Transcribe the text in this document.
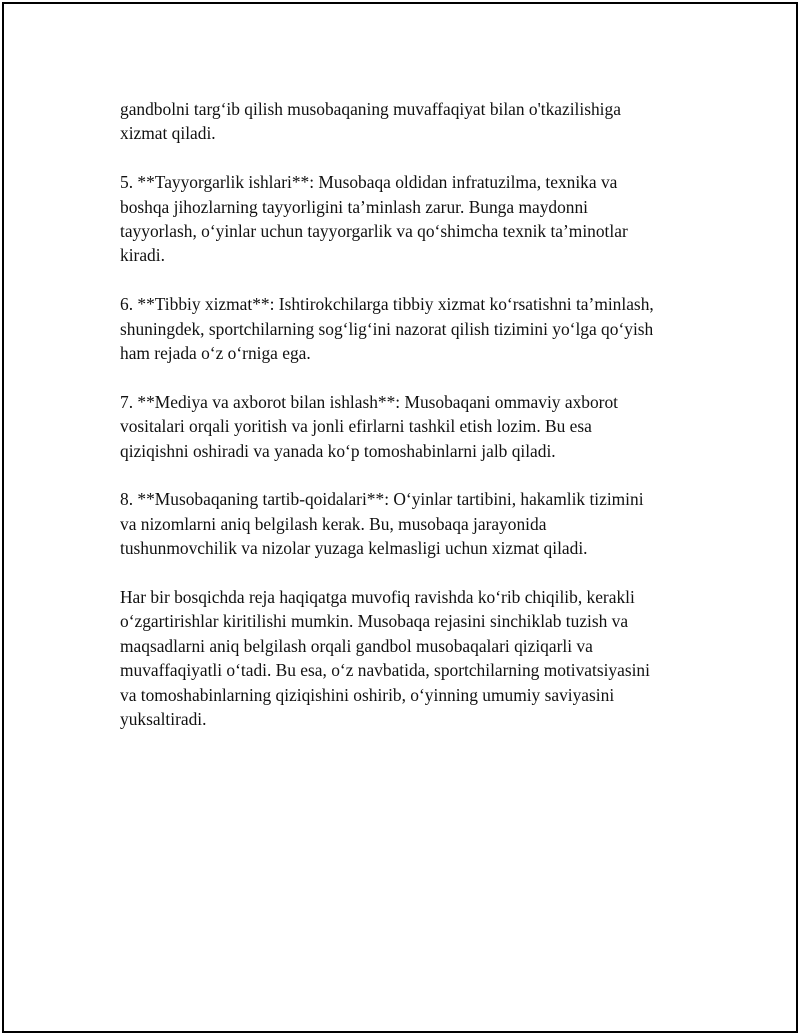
gandbolni targ‘ib qilish musobaqaning muvaffaqiyat bilan o'tkazilishiga
xizmat qiladi.

5. **Tayyorgarlik ishlari**: Musobaqa oldidan infratuzilma, texnika va
boshqa jihozlarning tayyorligini ta’minlash zarur. Bunga maydonni
tayyorlash, o‘yinlar uchun tayyorgarlik va qo‘shimcha texnik ta’minotlar
kiradi.

6. **Tibbiy xizmat**: Ishtirokchilarga tibbiy xizmat ko‘rsatishni ta’minlash,
shuningdek, sportchilarning sog‘lig‘ini nazorat qilish tizimini yo‘lga qo‘yish
ham rejada o‘z o‘rniga ega.

7. **Mediya va axborot bilan ishlash**: Musobaqani ommaviy axborot
vositalari orqali yoritish va jonli efirlarni tashkil etish lozim. Bu esa
qiziqishni oshiradi va yanada ko‘p tomoshabinlarni jalb qiladi.

8. **Musobaqaning tartib-qoidalari**: O‘yinlar tartibini, hakamlik tizimini
va nizomlarni aniq belgilash kerak. Bu, musobaqa jarayonida
tushunmovchilik va nizolar yuzaga kelmasligi uchun xizmat qiladi.

Har bir bosqichda reja haqiqatga muvofiq ravishda ko‘rib chiqilib, kerakli
o‘zgartirishlar kiritilishi mumkin. Musobaqa rejasini sinchiklab tuzish va
maqsadlarni aniq belgilash orqali gandbol musobaqalari qiziqarli va
muvaffaqiyatli o‘tadi. Bu esa, o‘z navbatida, sportchilarning motivatsiyasini
va tomoshabinlarning qiziqishini oshirib, o‘yinning umumiy saviyasini
yuksaltiradi.
